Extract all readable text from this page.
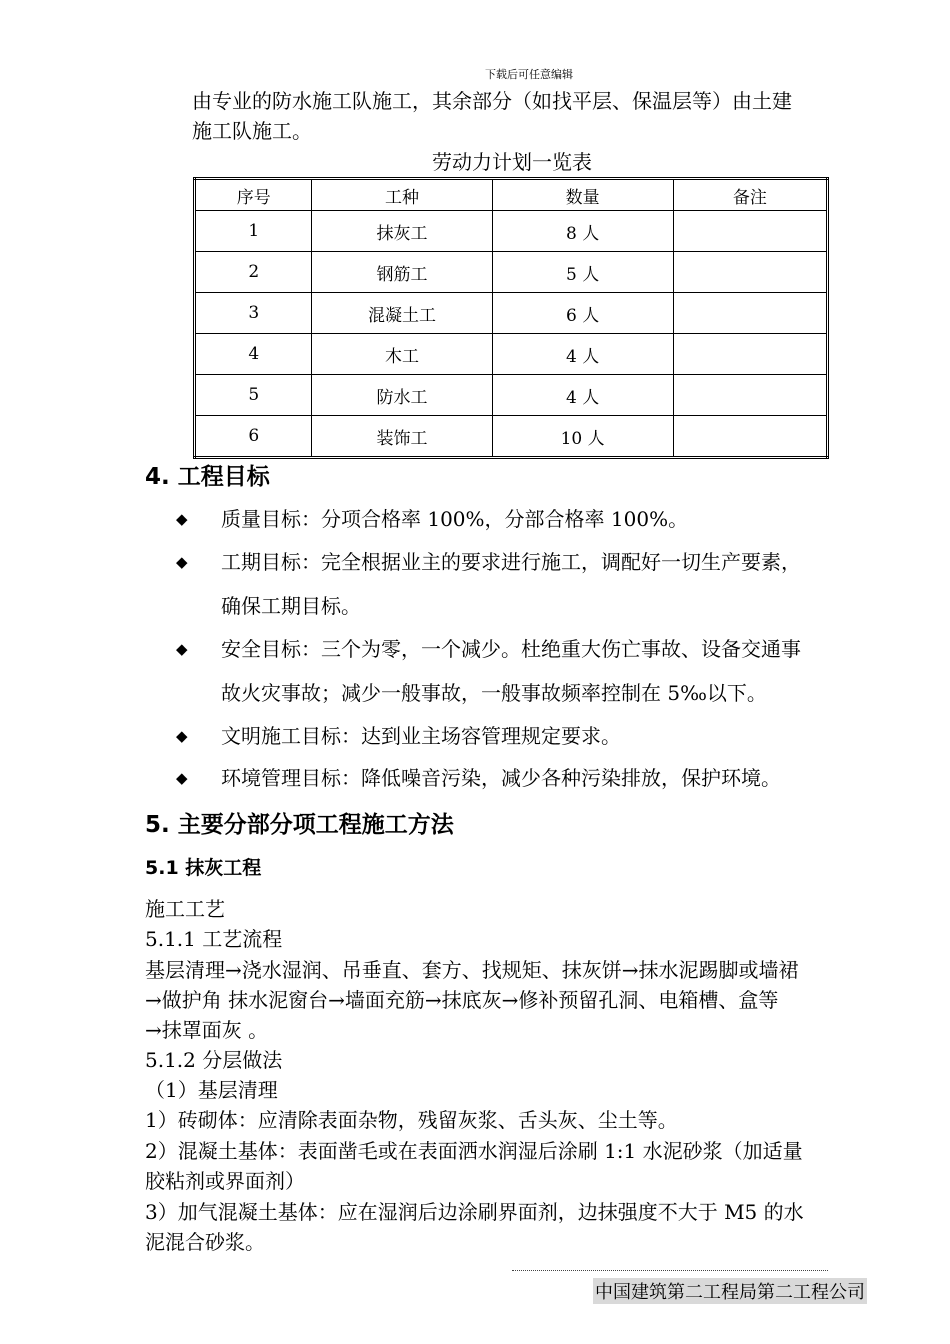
下载后可任意编辑
由专业的防水施工队施工，其余部分（如找平层、保温层等）由土建
施工队施工。
劳动力计划一览表
序号	工种	数量	备注
1	抹灰工	8 人	
2	钢筋工	5 人	
3	混凝土工	6 人	
4	木工	4 人	
5	防水工	4 人	
6	装饰工	10 人	
4. 工程目标
◆	质量目标：分项合格率 100%，分部合格率 100%。
◆	工期目标：完全根据业主的要求进行施工，调配好一切生产要素，
确保工期目标。
◆	安全目标：三个为零，一个减少。杜绝重大伤亡事故、设备交通事
故火灾事故；减少一般事故，一般事故频率控制在 5‰以下。
◆	文明施工目标：达到业主场容管理规定要求。
◆	环境管理目标：降低噪音污染，减少各种污染排放，保护环境。
5. 主要分部分项工程施工方法
5.1 抹灰工程
施工工艺
5.1.1 工艺流程
基层清理→浇水湿润、吊垂直、套方、找规矩、抹灰饼→抹水泥踢脚或墙裙
→做护角 抹水泥窗台→墙面充筋→抹底灰→修补预留孔洞、电箱槽、盒等
→抹罩面灰 。
5.1.2 分层做法
（1）基层清理
1）砖砌体：应清除表面杂物，残留灰浆、舌头灰、尘土等。
2）混凝土基体：表面凿毛或在表面洒水润湿后涂刷 1:1 水泥砂浆（加适量
胶粘剂或界面剂）
3）加气混凝土基体：应在湿润后边涂刷界面剂，边抹强度不大于 M5 的水
泥混合砂浆。
中国建筑第二工程局第二工程公司
